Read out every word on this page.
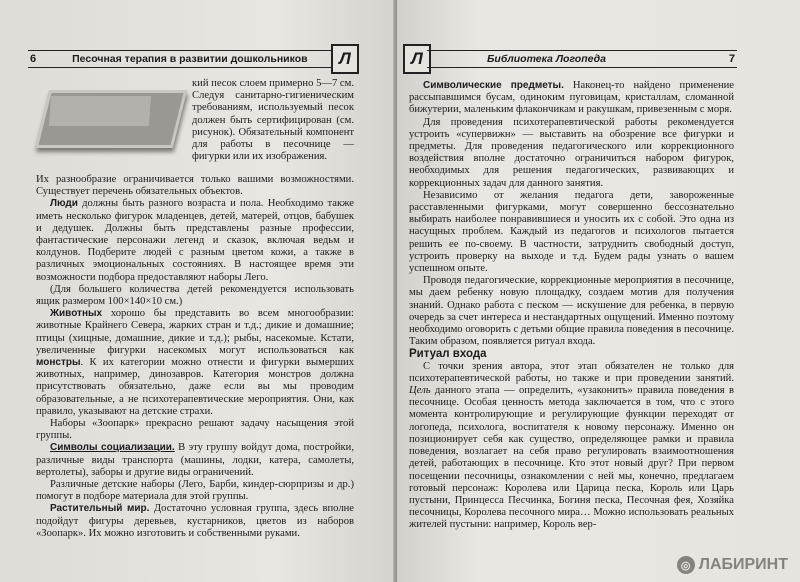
6	Песочная терапия в развитии дошкольников	Л

кий песок слоем примерно 5—7 см. Следуя санитарно-гигиеническим требованиям, используемый песок должен быть сертифицирован (см. рисунок). Обязательный компонент для работы в песочнице — фигурки или их изображения.

Их разнообразие ограничивается только вашими возможностями. Существует перечень обязательных объектов.

Люди должны быть разного возраста и пола. Необходимо также иметь несколько фигурок младенцев, детей, матерей, отцов, бабушек и дедушек. Должны быть представлены разные профессии, фантастические персонажи легенд и сказок, включая ведьм и колдунов. Подберите людей с разным цветом кожи, а также в различных эмоциональных состояниях. В настоящее время эти возможности подбора предоставляют наборы Лего.

(Для большего количества детей рекомендуется использовать ящик размером 100×140×10 см.)

Животных хорошо бы представить во всем многообразии: животные Крайнего Севера, жарких стран и т.д.; дикие и домашние; птицы (хищные, домашние, дикие и т.д.); рыбы, насекомые. Кстати, увеличенные фигурки насекомых могут использоваться как монстры. К их категории можно отнести и фигурки вымерших животных, например, динозавров. Категория монстров должна присутствовать обязательно, даже если вы мы проводим образовательные, а не психотерапевтические мероприятия. Они, как правило, указывают на детские страхи.

Наборы «Зоопарк» прекрасно решают задачу насыщения этой группы.

Символы социализации. В эту группу войдут дома, постройки, различные виды транспорта (машины, лодки, катера, самолеты, вертолеты), заборы и другие виды ограничений.

Различные детские наборы (Лего, Барби, киндер-сюрпризы и др.) помогут в подборе материала для этой группы.

Растительный мир. Достаточно условная группа, здесь вполне подойдут фигуры деревьев, кустарников, цветов из наборов «Зоопарк». Их можно изготовить и собственными руками.

Л	Библиотека Логопеда	7

Символические предметы. Наконец-то найдено применение рассыпавшимся бусам, одиноким пуговицам, кристаллам, сломанной бижутерии, маленьким флакончикам и ракушкам, привезенным с моря.

Для проведения психотерапевтической работы рекомендуется устроить «супервижн» — выставить на обозрение все фигурки и предметы. Для проведения педагогического или коррекционного воздействия вполне достаточно ограничиться набором фигурок, необходимых для решения педагогических, развивающих и коррекционных задач для данного занятия.

Независимо от желания педагога дети, завороженные расставленными фигурками, могут совершенно бессознательно выбирать наиболее понравившиеся и уносить их с собой. Это одна из насущных проблем. Каждый из педагогов и психологов пытается решить ее по-своему. В частности, затруднить свободный доступ, устроить проверку на выходе и т.д. Будем рады узнать о вашем успешном опыте.

Проводя педагогические, коррекционные мероприятия в песочнице, мы даем ребенку новую площадку, создаем мотив для получения знаний. Однако работа с песком — искушение для ребенка, в первую очередь за счет интереса и нестандартных ощущений. Именно поэтому необходимо оговорить с детьми общие правила поведения в песочнице. Таким образом, появляется ритуал входа.

Ритуал входа

С точки зрения автора, этот этап обязателен не только для психотерапевтической работы, но также и при проведении занятий. Цель данного этапа — определить, «узаконить» правила поведения в песочнице. Особая ценность метода заключается в том, что с этого момента контролирующие и регулирующие функции переходят от логопеда, психолога, воспитателя к новому персонажу. Именно он позиционирует себя как существо, определяющее рамки и правила поведения, возлагает на себя право регулировать взаимоотношения детей, работающих в песочнице. Кто этот новый друг? При первом посещении песочницы, ознакомлении с ней мы, конечно, предлагаем готовый персонаж: Королева или Царица песка, Король или Царь пустыни, Принцесса Песчинка, Богиня песка, Песочная фея, Хозяйка песочницы, Королева песочного мира… Можно использовать реальных жителей пустыни: например, Король вер-

◎ ЛАБИРИНТ
